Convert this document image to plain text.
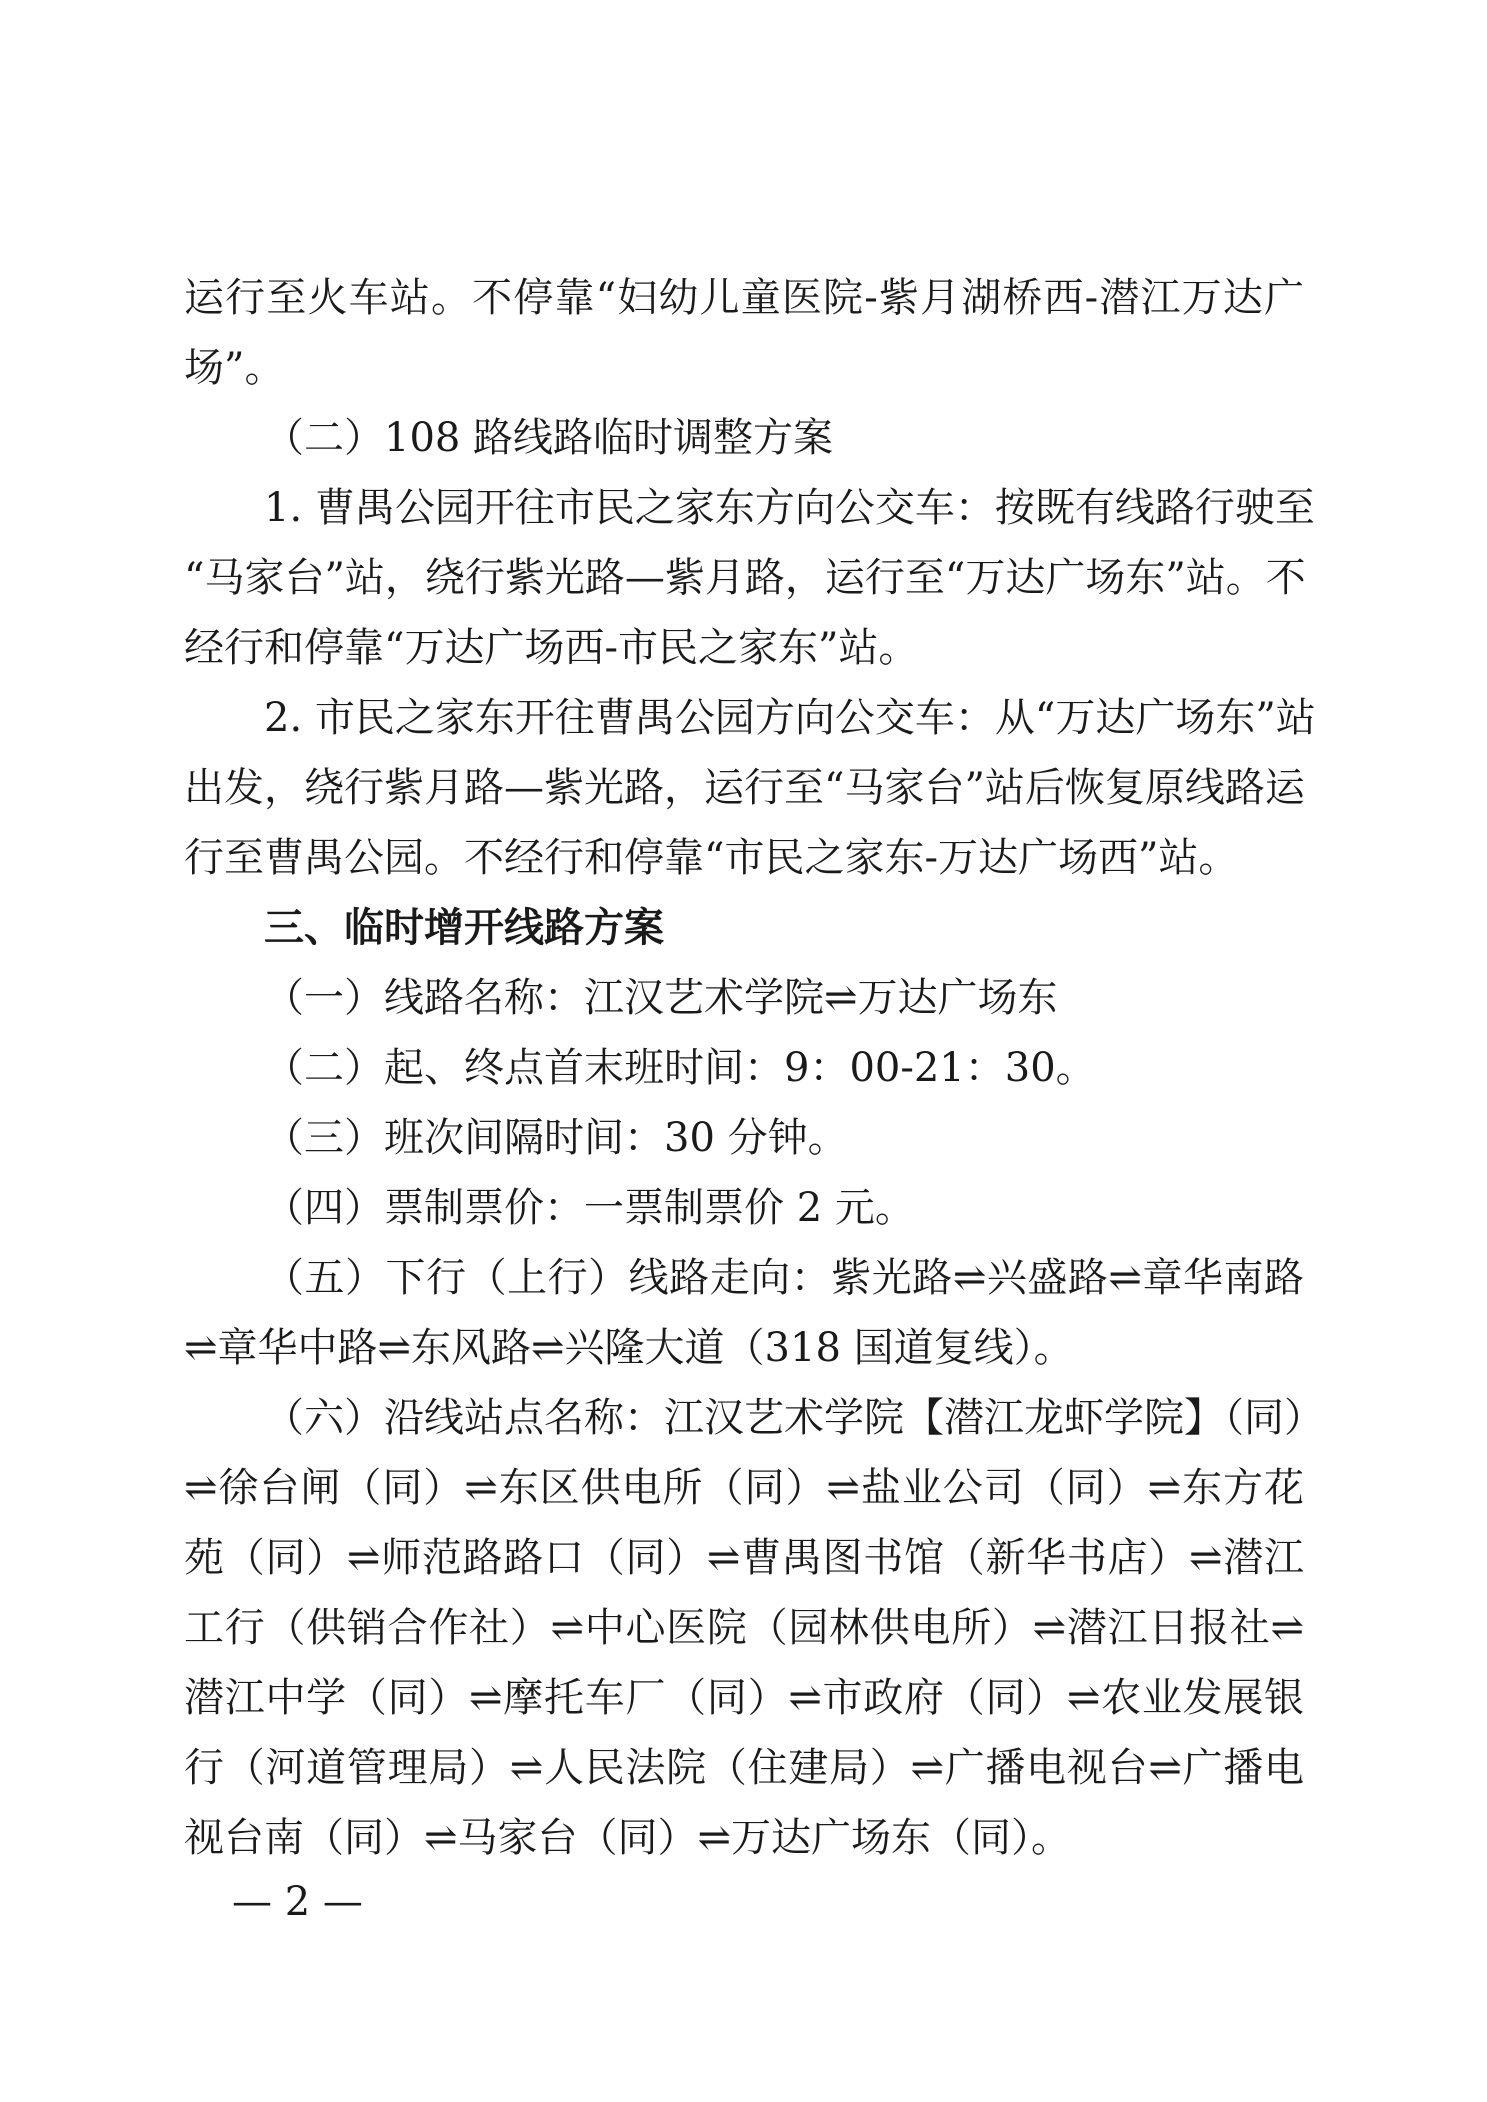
运行至火车站。不停靠“妇幼儿童医院-紫月湖桥西-潜江万达广
场”。
（二）108 路线路临时调整方案
1. 曹禺公园开往市民之家东方向公交车：按既有线路行驶至
“马家台”站，绕行紫光路—紫月路，运行至“万达广场东”站。不
经行和停靠“万达广场西-市民之家东”站。
2. 市民之家东开往曹禺公园方向公交车：从“万达广场东”站
出发，绕行紫月路—紫光路，运行至“马家台”站后恢复原线路运
行至曹禺公园。不经行和停靠“市民之家东-万达广场西”站。
三、临时增开线路方案
（一）线路名称：江汉艺术学院⇌万达广场东
（二）起、终点首末班时间：9：00-21：30。
（三）班次间隔时间：30 分钟。
（四）票制票价：一票制票价 2 元。
（五）下行（上行）线路走向：紫光路⇌兴盛路⇌章华南路
⇌章华中路⇌东风路⇌兴隆大道（318 国道复线）。
（六）沿线站点名称：江汉艺术学院【潜江龙虾学院】（同）
⇌徐台闸（同）⇌东区供电所（同）⇌盐业公司（同）⇌东方花
苑（同）⇌师范路路口（同）⇌曹禺图书馆（新华书店）⇌潜江
工行（供销合作社）⇌中心医院（园林供电所）⇌潜江日报社⇌
潜江中学（同）⇌摩托车厂（同）⇌市政府（同）⇌农业发展银
行（河道管理局）⇌人民法院（住建局）⇌广播电视台⇌广播电
视台南（同）⇌马家台（同）⇌万达广场东（同）。
— 2 —
